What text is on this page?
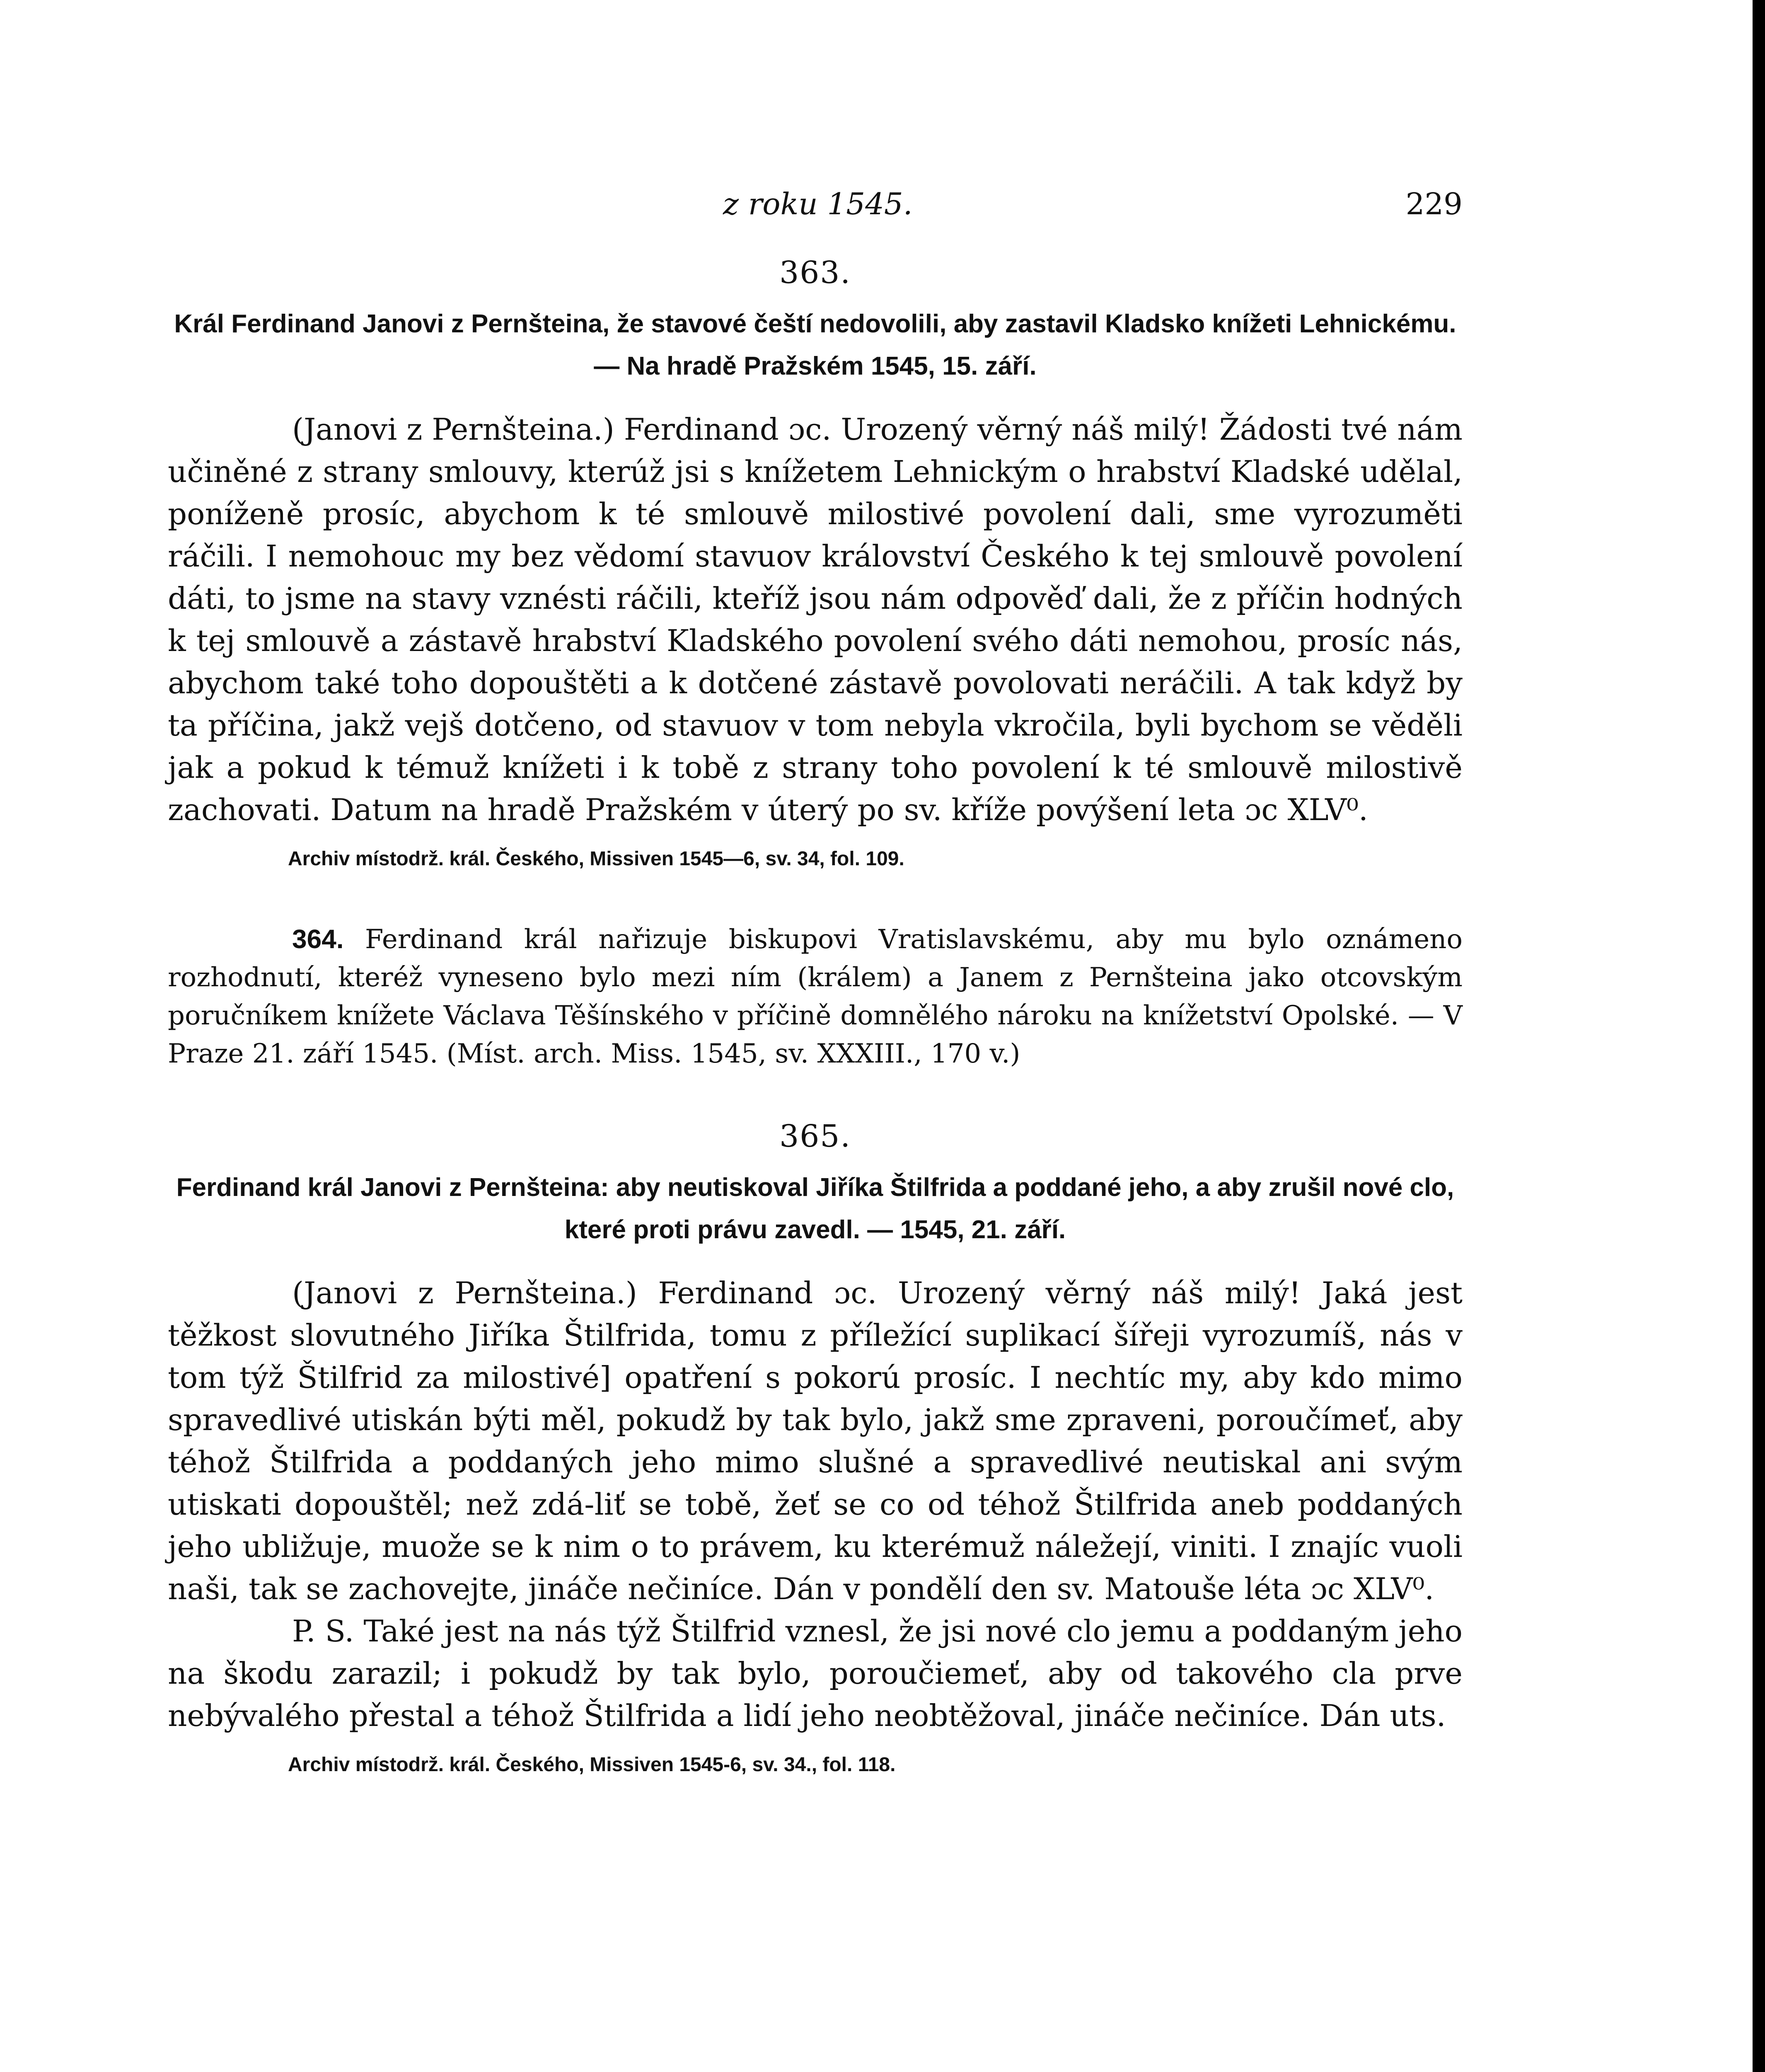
z roku 1545.	229
363.
Král Ferdinand Janovi z Pernšteina, že stavové čeští nedovolili, aby zastavil Kladsko knížeti Lehnickému. — Na hradě Pražském 1545, 15. září.

(Janovi z Pernšteina.) Ferdinand ɔc. Urozený věrný náš milý! Žádosti tvé nám učiněné z strany smlouvy, kterúž jsi s knížetem Lehnickým o hrabství Kladské udělal, poníženě prosíc, abychom k té smlouvě milostivé povolení dali, sme vyrozuměti ráčili. I nemohouc my bez vědomí stavuov království Českého k tej smlouvě povolení dáti, to jsme na stavy vznésti ráčili, kteříž jsou nám odpověď dali, že z příčin hodných k tej smlouvě a zástavě hrabství Kladského povolení svého dáti nemohou, prosíc nás, abychom také toho dopouštěti a k dotčené zástavě povolovati neráčili. A tak když by ta příčina, jakž vejš dotčeno, od stavuov v tom nebyla vkročila, byli bychom se věděli jak a pokud k témuž knížeti i k tobě z strany toho povolení k té smlouvě milostivě zachovati. Datum na hradě Pražském v úterý po sv. kříže povýšení leta ɔc XLV⁰.

Archiv místodrž. král. Českého, Missiven 1545—6, sv. 34, fol. 109.

364. Ferdinand král nařizuje biskupovi Vratislavskému, aby mu bylo oznámeno rozhodnutí, kteréž vyneseno bylo mezi ním (králem) a Janem z Pernšteina jako otcovským poručníkem knížete Václava Těšínského v příčině domnělého nároku na knížetství Opolské. — V Praze 21. září 1545. (Míst. arch. Miss. 1545, sv. XXXIII., 170 v.)

365.
Ferdinand král Janovi z Pernšteina: aby neutiskoval Jiříka Štilfrida a poddané jeho, a aby zrušil nové clo, které proti právu zavedl. — 1545, 21. září.

(Janovi z Pernšteina.) Ferdinand ɔc. Urozený věrný náš milý! Jaká jest těžkost slovutného Jiříka Štilfrida, tomu z příležící suplikací šířeji vyrozumíš, nás v tom týž Štilfrid za milostivé] opatření s pokorú prosíc. I nechtíc my, aby kdo mimo spravedlivé utiskán býti měl, pokudž by tak bylo, jakž sme zpraveni, poroučímeť, aby téhož Štilfrida a poddaných jeho mimo slušné a spravedlivé neutiskal ani svým utiskati dopouštěl; než zdá-liť se tobě, žeť se co od téhož Štilfrida aneb poddaných jeho ubližuje, muože se k nim o to právem, ku kterémuž náležejí, viniti. I znajíc vuoli naši, tak se zachovejte, jináče nečiníce. Dán v pondělí den sv. Matouše léta ɔc XLV⁰.

P. S. Také jest na nás týž Štilfrid vznesl, že jsi nové clo jemu a poddaným jeho na škodu zarazil; i pokudž by tak bylo, poroučiemeť, aby od takového cla prve nebývalého přestal a téhož Štilfrida a lidí jeho neobtěžoval, jináče nečiníce. Dán uts.

Archiv místodrž. král. Českého, Missiven 1545-6, sv. 34., fol. 118.
